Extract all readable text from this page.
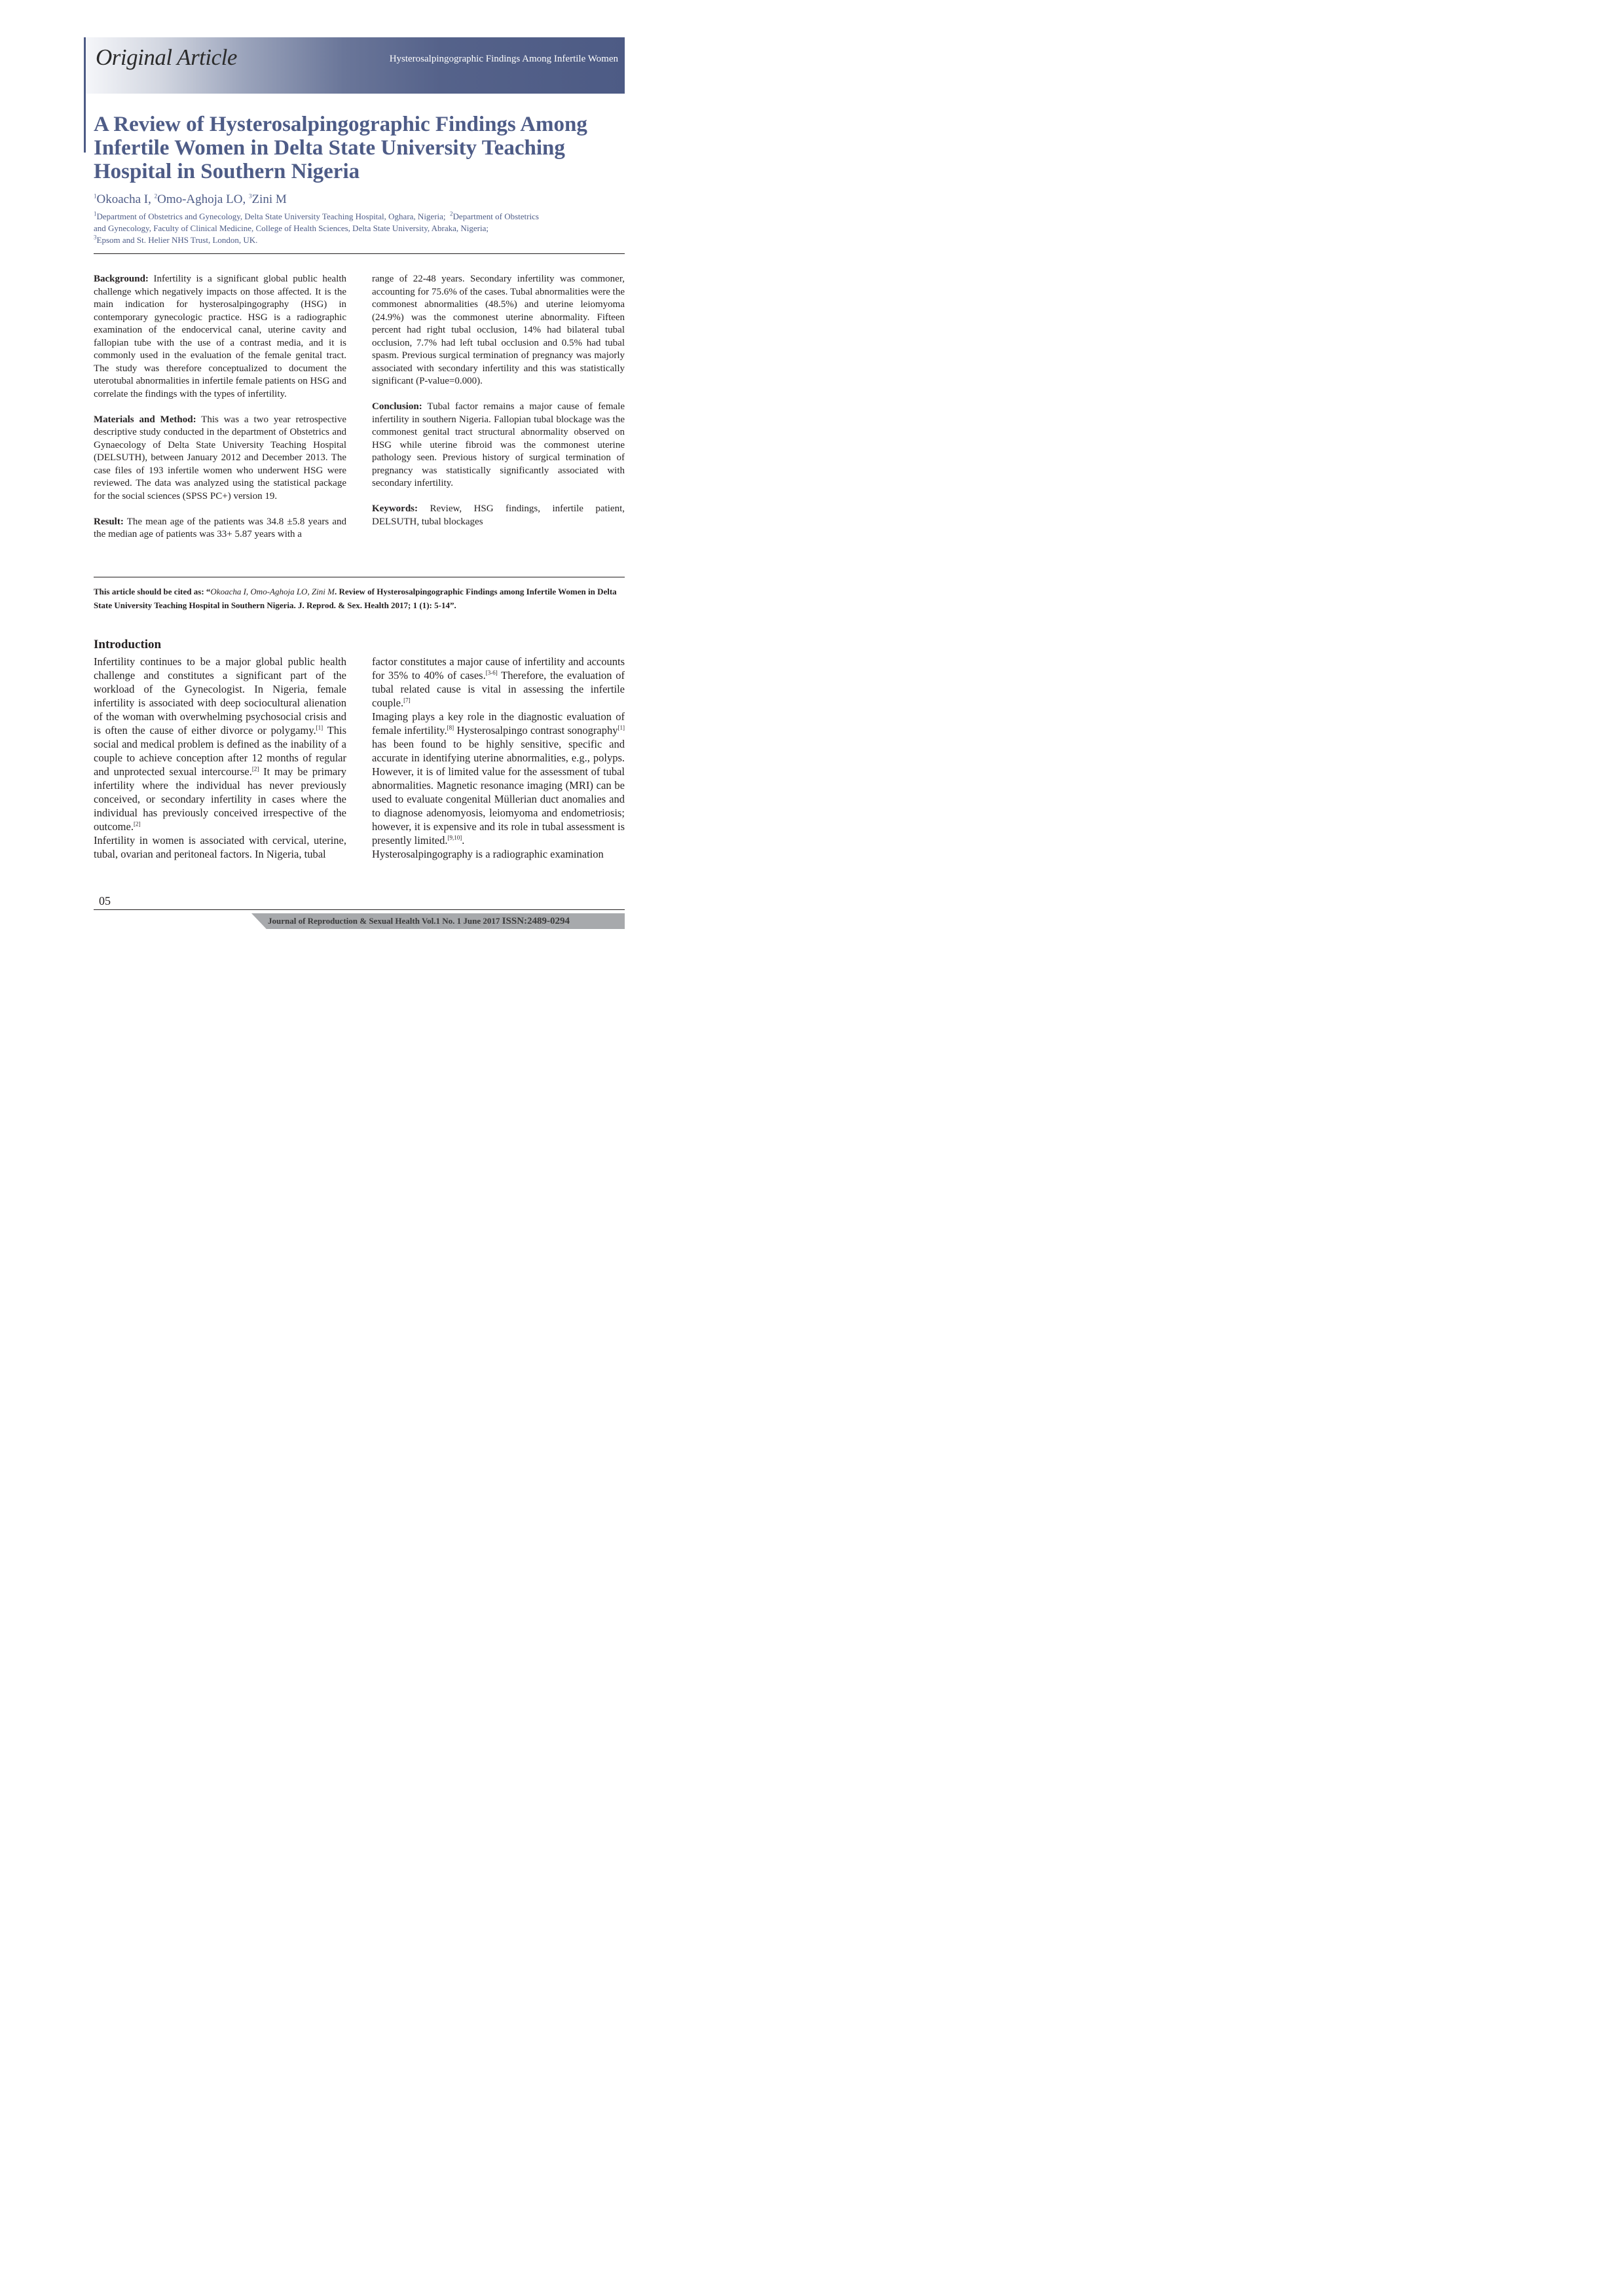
Original Article	Hysterosalpingographic Findings Among Infertile Women
A Review of Hysterosalpingographic Findings Among Infertile Women in Delta State University Teaching Hospital in Southern Nigeria
$^1$Okoacha I, $^2$Omo-Aghoja LO, $^3$Zini M
$^1$Department of Obstetrics and Gynecology, Delta State University Teaching Hospital, Oghara, Nigeria; $^2$Department of Obstetrics
and Gynecology, Faculty of Clinical Medicine, College of Health Sciences, Delta State University, Abraka, Nigeria;
$^3$Epsom and St. Helier NHS Trust, London, UK.

Background: Infertility is a significant global public health challenge which negatively impacts on those affected. It is the main indication for hysterosalpingography (HSG) in contemporary gynecologic practice. HSG is a radiographic examination of the endocervical canal, uterine cavity and fallopian tube with the use of a contrast media, and it is commonly used in the evaluation of the female genital tract. The study was therefore conceptualized to document the uterotubal abnormalities in infertile female patients on HSG and correlate the findings with the types of infertility.

Materials and Method: This was a two year retrospective descriptive study conducted in the department of Obstetrics and Gynaecology of Delta State University Teaching Hospital (DELSUTH), between January 2012 and December 2013. The case files of 193 infertile women who underwent HSG were reviewed. The data was analyzed using the statistical package for the social sciences (SPSS PC+) version 19.

Result: The mean age of the patients was 34.8 ±5.8 years and the median age of patients was 33+ 5.87 years with a

range of 22-48 years. Secondary infertility was commoner, accounting for 75.6% of the cases. Tubal abnormalities were the commonest abnormalities (48.5%) and uterine leiomyoma (24.9%) was the commonest uterine abnormality. Fifteen percent had right tubal occlusion, 14% had bilateral tubal occlusion, 7.7% had left tubal occlusion and 0.5% had tubal spasm. Previous surgical termination of pregnancy was majorly associated with secondary infertility and this was statistically significant (P-value=0.000).

Conclusion: Tubal factor remains a major cause of female infertility in southern Nigeria. Fallopian tubal blockage was the commonest genital tract structural abnormality observed on HSG while uterine fibroid was the commonest uterine pathology seen. Previous history of surgical termination of pregnancy was statistically significantly associated with secondary infertility.

Keywords: Review, HSG findings, infertile patient, DELSUTH, tubal blockages

This article should be cited as: “Okoacha I, Omo-Aghoja LO, Zini M. Review of Hysterosalpingographic Findings among Infertile Women in Delta State University Teaching Hospital in Southern Nigeria. J. Reprod. & Sex. Health 2017; 1 (1): 5-14”.
Introduction

Infertility continues to be a major global public health challenge and constitutes a significant part of the workload of the Gynecologist. In Nigeria, female infertility is associated with deep sociocultural alienation of the woman with overwhelming psychosocial crisis and is often the cause of either divorce or polygamy.[1] This social and medical problem is defined as the inability of a couple to achieve conception after 12 months of regular and unprotected sexual intercourse.[2] It may be primary infertility where the individual has never previously conceived, or secondary infertility in cases where the individual has previously conceived irrespective of the outcome.[2]

Infertility in women is associated with cervical, uterine, tubal, ovarian and peritoneal factors. In Nigeria, tubal

factor constitutes a major cause of infertility and accounts for 35% to 40% of cases.[3-6] Therefore, the evaluation of tubal related cause is vital in assessing the infertile couple.[7]

Imaging plays a key role in the diagnostic evaluation of female infertility.[8] Hysterosalpingo contrast sonography[1] has been found to be highly sensitive, specific and accurate in identifying uterine abnormalities, e.g., polyps. However, it is of limited value for the assessment of tubal abnormalities. Magnetic resonance imaging (MRI) can be used to evaluate congenital Müllerian duct anomalies and to diagnose adenomyosis, leiomyoma and endometriosis; however, it is expensive and its role in tubal assessment is presently limited.[9,10].

Hysterosalpingography is a radiographic examination

05
Journal of Reproduction & Sexual Health Vol.1 No. 1 June 2017 ISSN:2489-0294
